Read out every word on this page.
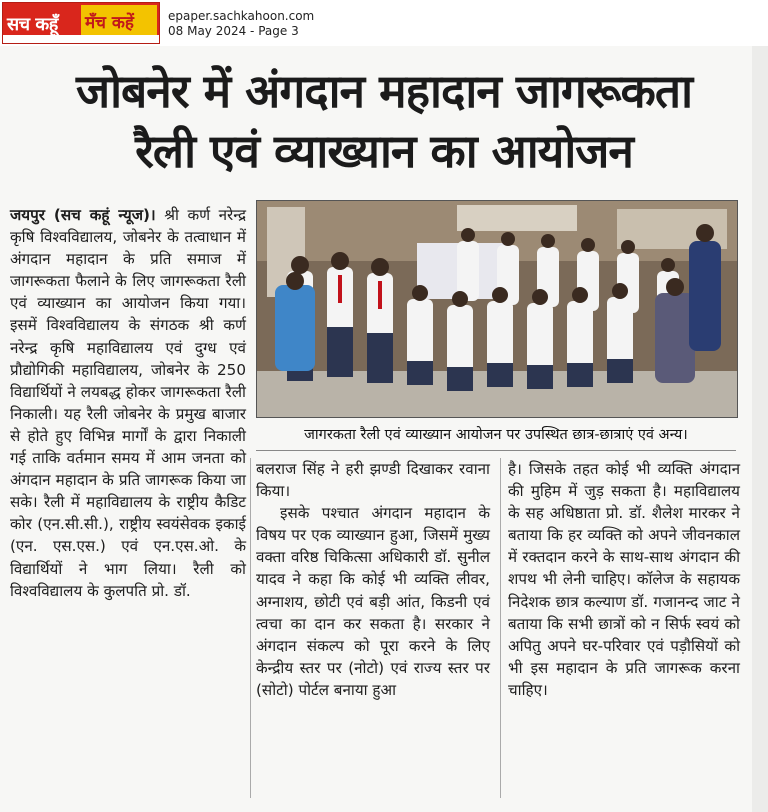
सच कहूँ मँच कहें	epaper.sachkahoon.com
08 May 2024 - Page 3
जोबनेर में अंगदान महादान जागरूकता
रैली एवं व्याख्यान का आयोजन

जयपुर (सच कहूं न्यूज)। श्री कर्ण नरेन्द्र कृषि विश्वविद्यालय, जोबनेर के तत्वाधान में अंगदान महादान के प्रति समाज में जागरूकता फैलाने के लिए जागरूकता रैली एवं व्याख्यान का आयोजन किया गया। इसमें विश्वविद्यालय के संगठक श्री कर्ण नरेन्द्र कृषि महाविद्यालय एवं दुग्ध एवं प्रौद्योगिकी महाविद्यालय, जोबनेर के 250 विद्यार्थियों ने लयबद्ध होकर जागरूकता रैली निकाली। यह रैली जोबनेर के प्रमुख बाजार से होते हुए विभिन्न मार्गों के द्वारा निकाली गई ताकि वर्तमान समय में आम जनता को अंगदान महादान के प्रति जागरूक किया जा सके। रैली में महाविद्यालय के राष्ट्रीय कैडिट कोर (एन.सी.सी.), राष्ट्रीय स्वयंसेवक इकाई (एन. एस.एस.) एवं एन.एस.ओ. के विद्यार्थियों ने भाग लिया। रैली को विश्वविद्यालय के कुलपति प्रो. डॉ.

जागरकता रैली एवं व्याख्यान आयोजन पर उपस्थित छात्र-छात्राएं एवं अन्य।

बलराज सिंह ने हरी झण्डी दिखाकर रवाना किया।

इसके पश्चात अंगदान महादान के विषय पर एक व्याख्यान हुआ, जिसमें मुख्य वक्ता वरिष्ठ चिकित्सा अधिकारी डॉ. सुनील यादव ने कहा कि कोई भी व्यक्ति लीवर, अग्नाशय, छोटी एवं बड़ी आंत, किडनी एवं त्वचा का दान कर सकता है। सरकार ने अंगदान संकल्प को पूरा करने के लिए केन्द्रीय स्तर पर (नोटो) एवं राज्य स्तर पर (सोटो) पोर्टल बनाया हुआ

है। जिसके तहत कोई भी व्यक्ति अंगदान की मुहिम में जुड़ सकता है। महाविद्यालय के सह अधिष्ठाता प्रो. डॉ. शैलेश मारकर ने बताया कि हर व्यक्ति को अपने जीवनकाल में रक्तदान करने के साथ-साथ अंगदान की शपथ भी लेनी चाहिए। कॉलेज के सहायक निदेशक छात्र कल्याण डॉ. गजानन्द जाट ने बताया कि सभी छात्रों को न सिर्फ स्वयं को अपितु अपने घर-परिवार एवं पड़ौसियों को भी इस महादान के प्रति जागरूक करना चाहिए।
